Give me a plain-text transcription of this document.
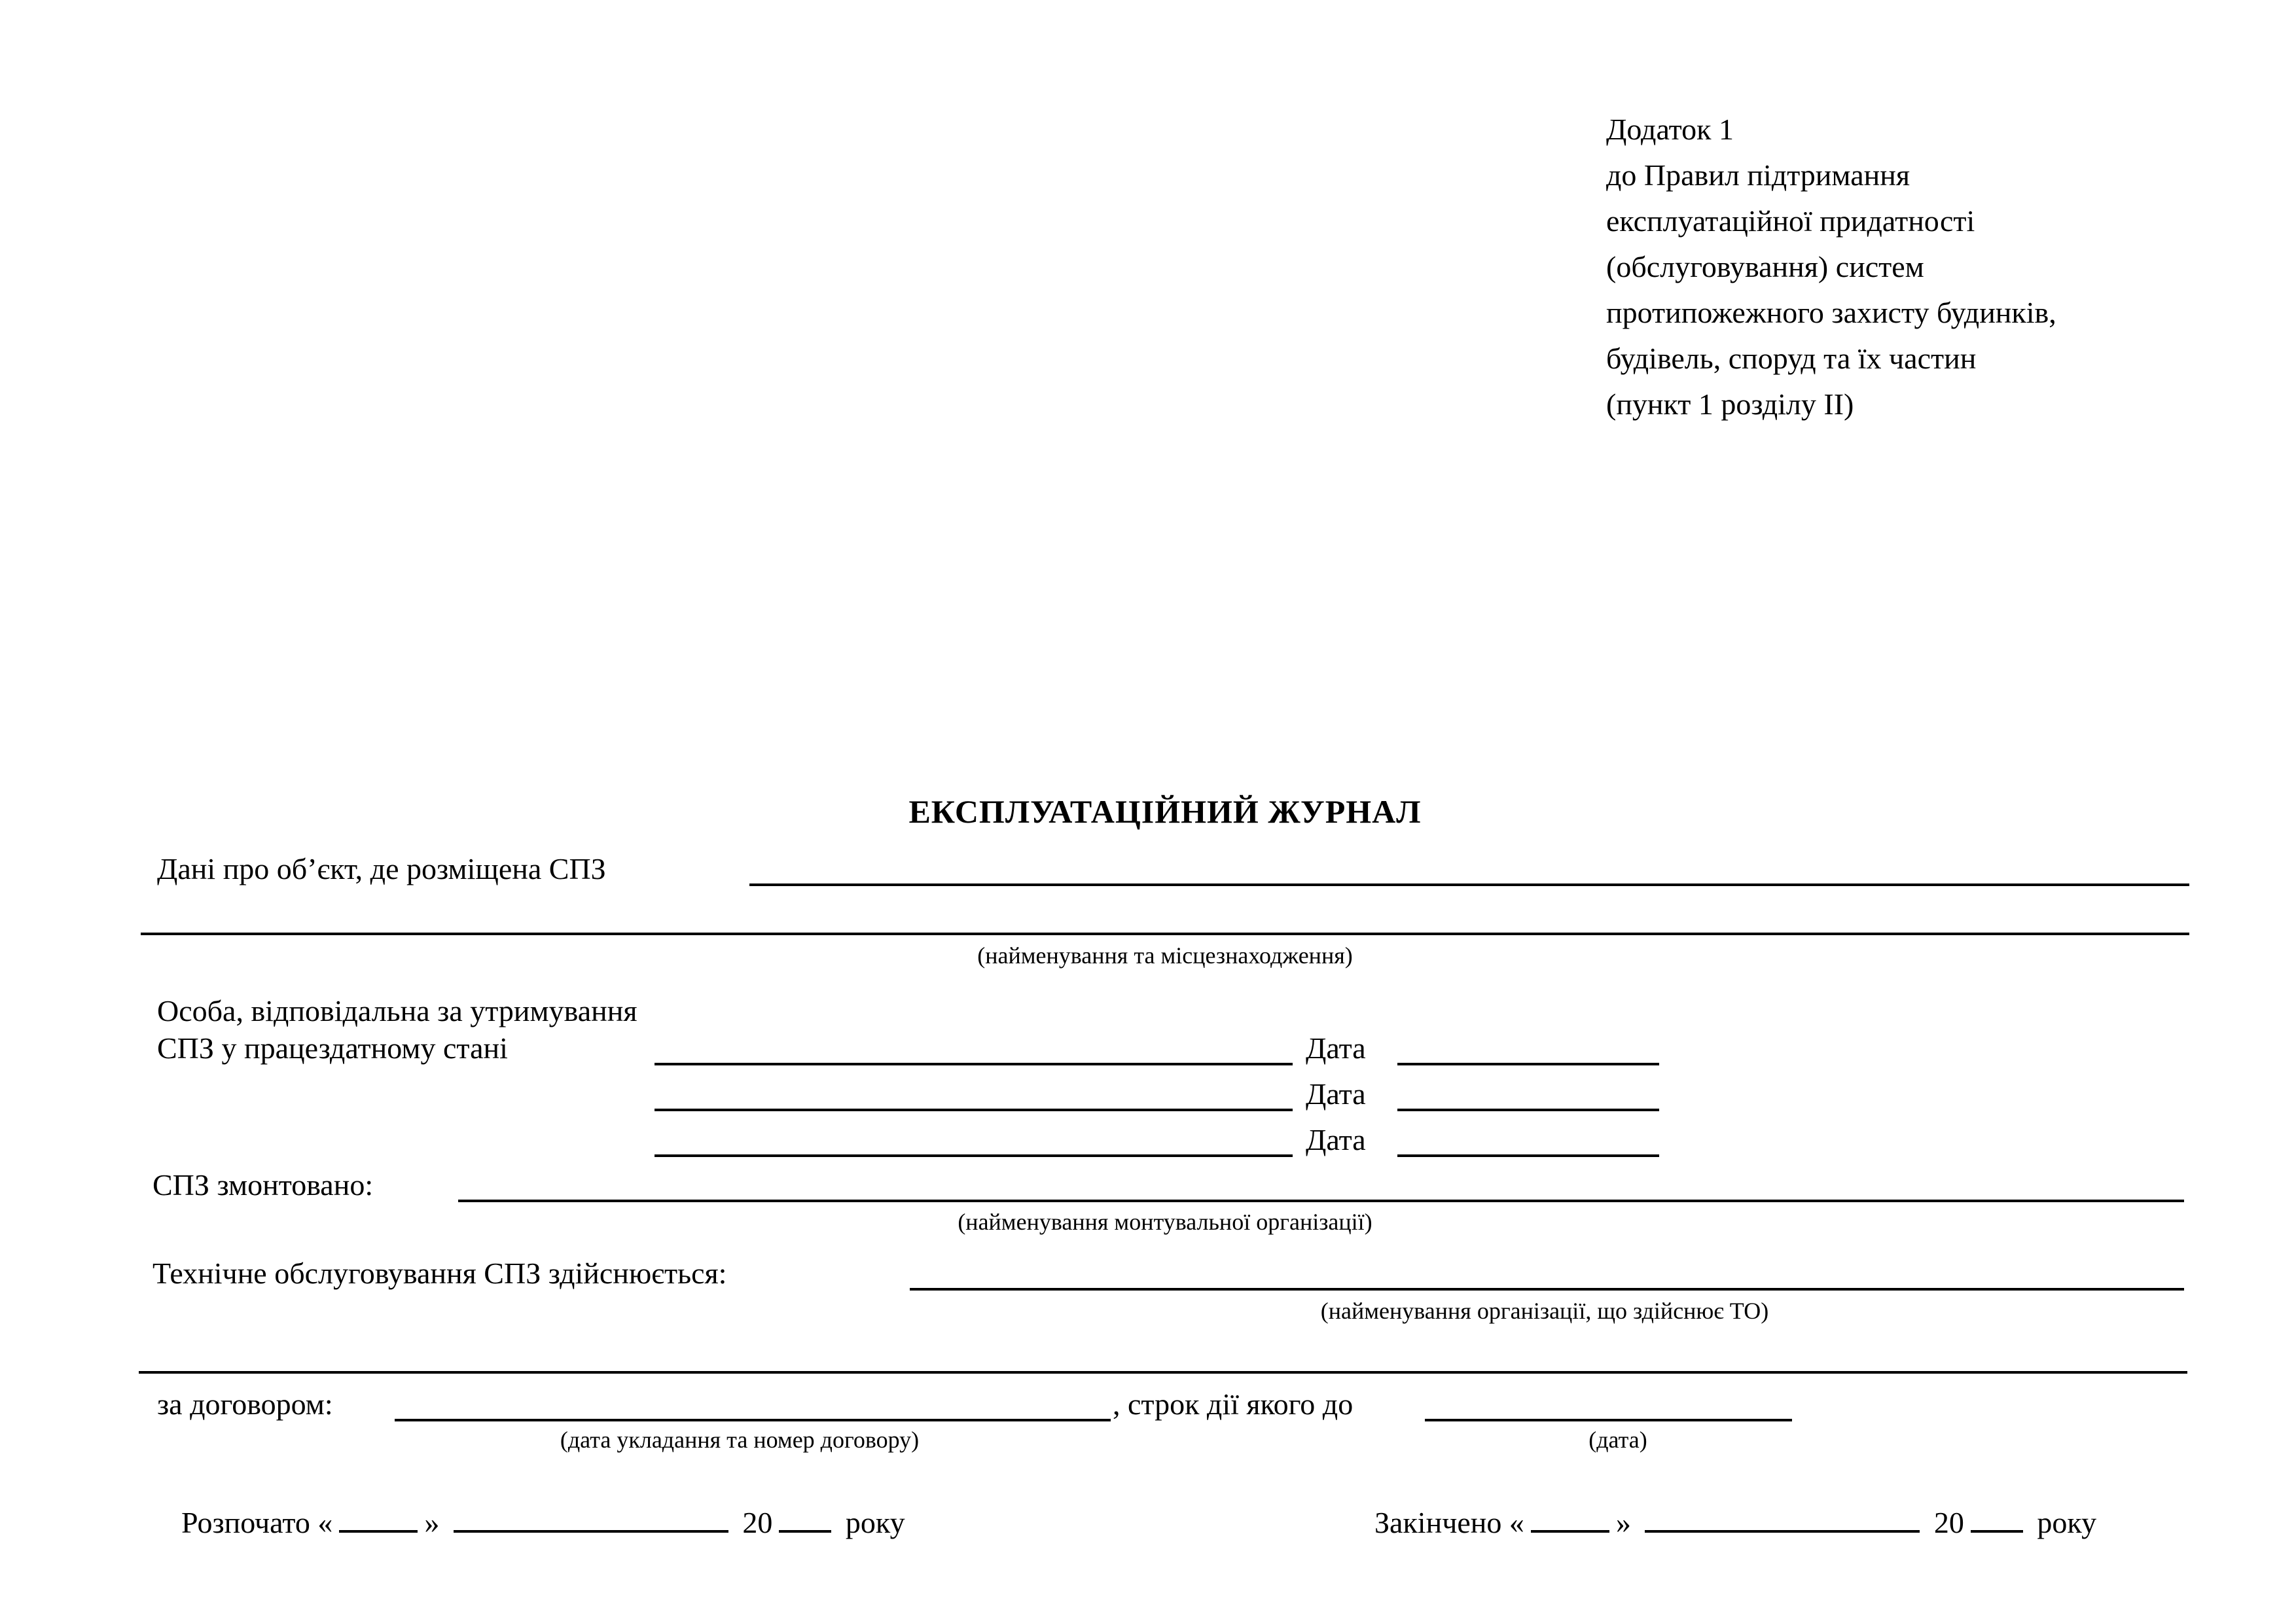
Додаток 1
до Правил підтримання
експлуатаційної придатності
(обслуговування) систем
протипожежного захисту будинків,
будівель, споруд та їх частин
(пункт 1 розділу II)
ЕКСПЛУАТАЦІЙНИЙ ЖУРНАЛ
Дані про об’єкт, де розміщена СПЗ
(найменування та місцезнаходження)
Особа, відповідальна за утримування
СПЗ у працездатному стані	Дата
Дата
Дата
СПЗ змонтовано:
(найменування монтувальної організації)
Технічне обслуговування СПЗ здійснюється:
(найменування організації, що здійснює ТО)
за договором:	, строк дії якого до
(дата укладання та номер договору)	(дата)
Розпочато «	»	20 року	Закінчено «	»	20 року
